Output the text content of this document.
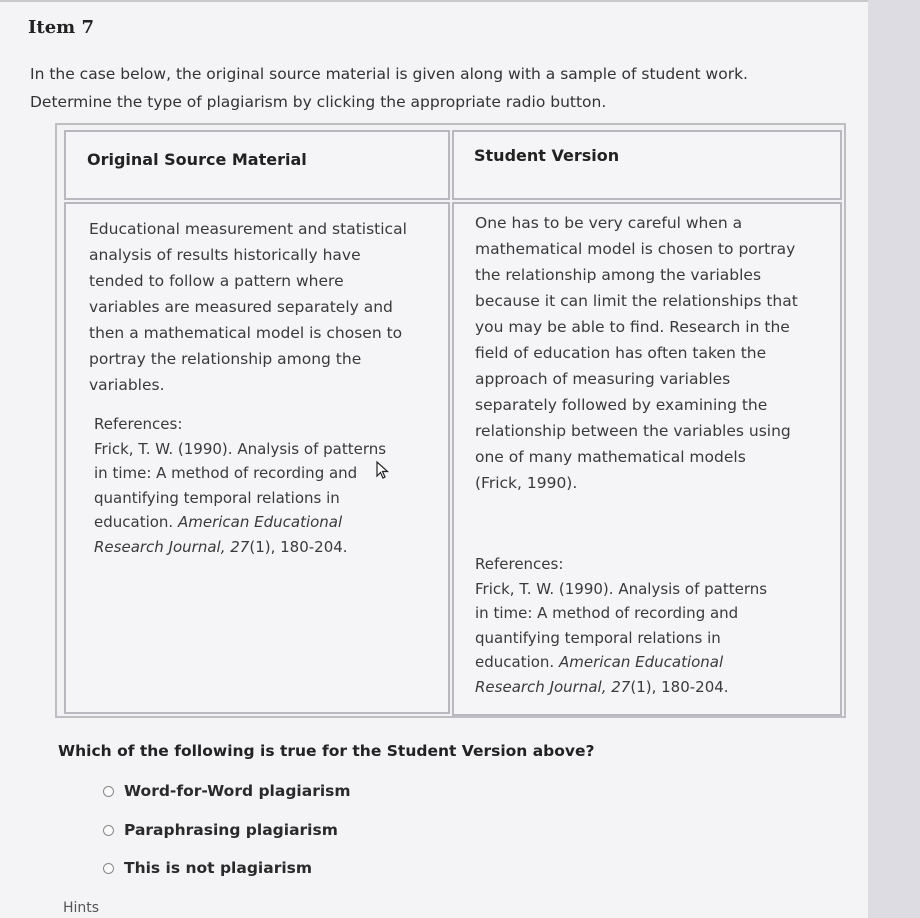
Item 7
In the case below, the original source material is given along with a sample of student work.
Determine the type of plagiarism by clicking the appropriate radio button.
Original Source Material	Student Version
Educational measurement and statistical
analysis of results historically have
tended to follow a pattern where
variables are measured separately and
then a mathematical model is chosen to
portray the relationship among the
variables.
References:
Frick, T. W. (1990). Analysis of patterns
in time: A method of recording and
quantifying temporal relations in
education. American Educational
Research Journal, 27(1), 180-204.
One has to be very careful when a
mathematical model is chosen to portray
the relationship among the variables
because it can limit the relationships that
you may be able to find. Research in the
field of education has often taken the
approach of measuring variables
separately followed by examining the
relationship between the variables using
one of many mathematical models
(Frick, 1990).
References:
Frick, T. W. (1990). Analysis of patterns
in time: A method of recording and
quantifying temporal relations in
education. American Educational
Research Journal, 27(1), 180-204.
Which of the following is true for the Student Version above?
Word-for-Word plagiarism
Paraphrasing plagiarism
This is not plagiarism
Hints
